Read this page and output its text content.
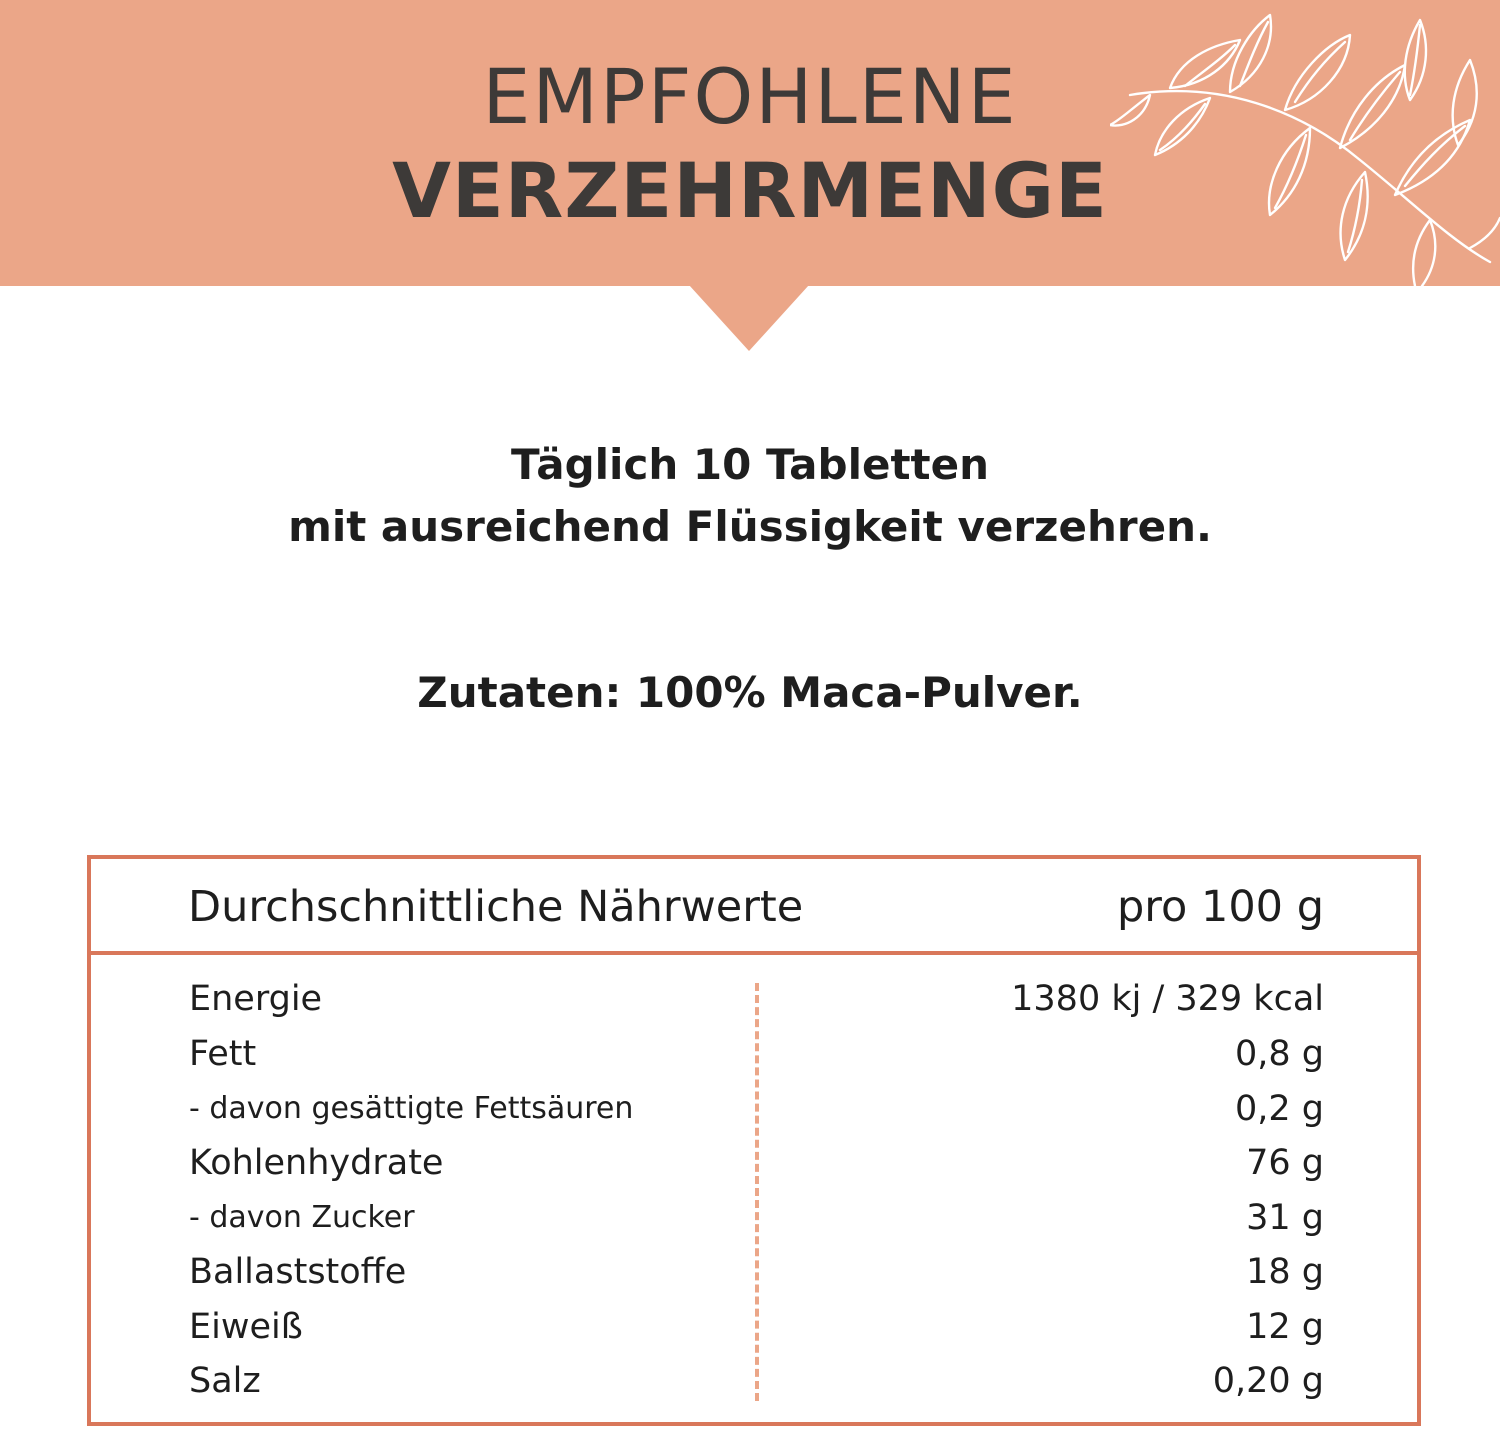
EMPFOHLENE
VERZEHRMENGE
Täglich 10 Tabletten
mit ausreichend Flüssigkeit verzehren.
Zutaten: 100% Maca-Pulver.
Durchschnittliche Nährwerte	pro 100 g
Energie	1380 kj / 329 kcal
Fett	0,8 g
- davon gesättigte Fettsäuren	0,2 g
Kohlenhydrate	76 g
- davon Zucker	31 g
Ballaststoffe	18 g
Eiweiß	12 g
Salz	0,20 g
